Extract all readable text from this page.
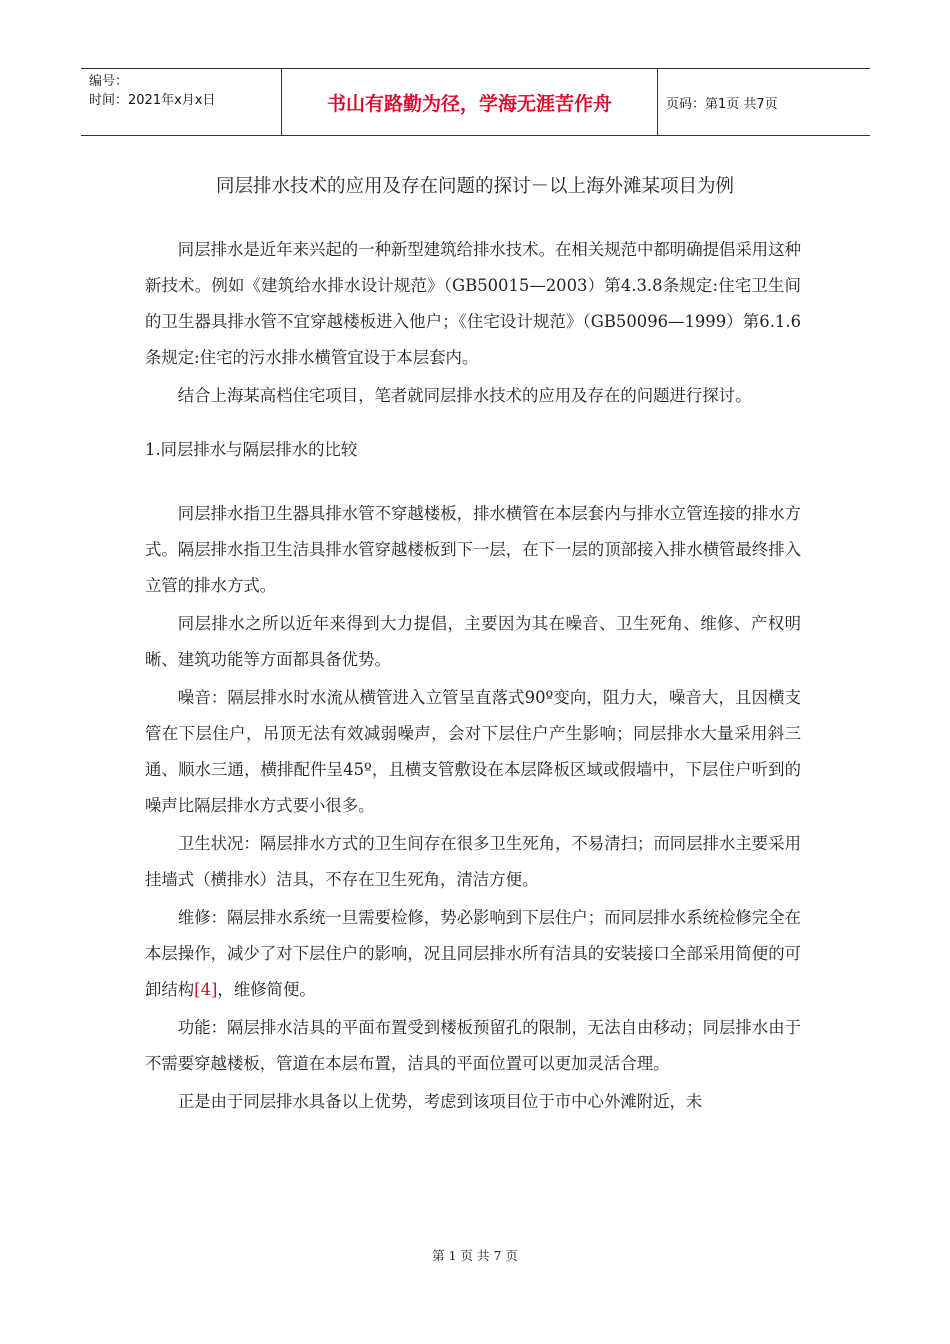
编号：
时间：2021年x月x日	书山有路勤为径，学海无涯苦作舟	页码：第1页 共7页
同层排水技术的应用及存在问题的探讨－以上海外滩某项目为例

同层排水是近年来兴起的一种新型建筑给排水技术。在相关规范中都明确提倡采用这种新技术。例如《建筑给水排水设计规范》（GB50015—2003）第4.3.8条规定:住宅卫生间的卫生器具排水管不宜穿越楼板进入他户；《住宅设计规范》（GB50096—1999）第6.1.6条规定:住宅的污水排水横管宜设于本层套内。

结合上海某高档住宅项目，笔者就同层排水技术的应用及存在的问题进行探讨。

1.同层排水与隔层排水的比较

同层排水指卫生器具排水管不穿越楼板，排水横管在本层套内与排水立管连接的排水方式。隔层排水指卫生洁具排水管穿越楼板到下一层，在下一层的顶部接入排水横管最终排入立管的排水方式。

同层排水之所以近年来得到大力提倡，主要因为其在噪音、卫生死角、维修、产权明晰、建筑功能等方面都具备优势。

噪音：隔层排水时水流从横管进入立管呈直落式90º变向，阻力大，噪音大，且因横支管在下层住户，吊顶无法有效减弱噪声，会对下层住户产生影响；同层排水大量采用斜三通、顺水三通，横排配件呈45º，且横支管敷设在本层降板区域或假墙中，下层住户听到的噪声比隔层排水方式要小很多。

卫生状况：隔层排水方式的卫生间存在很多卫生死角，不易清扫；而同层排水主要采用挂墙式（横排水）洁具，不存在卫生死角，清洁方便。

维修：隔层排水系统一旦需要检修，势必影响到下层住户；而同层排水系统检修完全在本层操作，减少了对下层住户的影响，况且同层排水所有洁具的安装接口全部采用简便的可卸结构[4]，维修简便。

功能：隔层排水洁具的平面布置受到楼板预留孔的限制，无法自由移动；同层排水由于不需要穿越楼板，管道在本层布置，洁具的平面位置可以更加灵活合理。

正是由于同层排水具备以上优势，考虑到该项目位于市中心外滩附近，未

第 1 页 共 7 页
